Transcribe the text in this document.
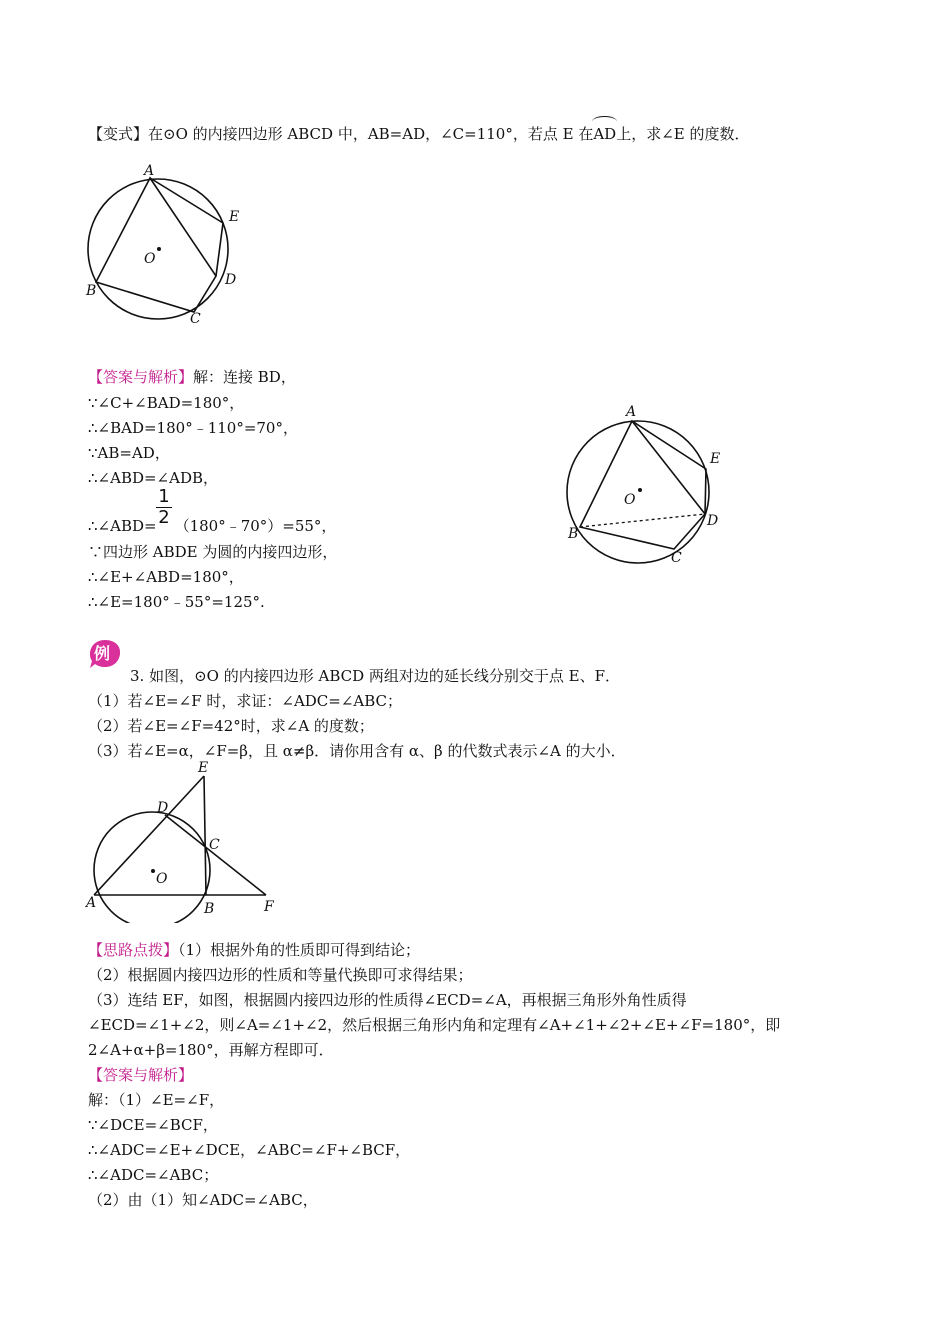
【变式】在⊙O 的内接四边形 ABCD 中，AB=AD，∠C=110°，若点 E 在AD上，求∠E 的度数．
A
E
D
C
B
O
【答案与解析】解：连接 BD，
∵∠C+∠BAD=180°，
∴∠BAD=180°﹣110°=70°，
∵AB=AD，
∴∠ABD=∠ADB，
$\frac{1}{2}$
∴∠ABD= （180°﹣70°）=55°，
∵四边形 ABDE 为圆的内接四边形，
∴∠E+∠ABD=180°，
∴∠E=180°﹣55°=125°.
A
E
D
C
B
O
例
3. 如图，⊙O 的内接四边形 ABCD 两组对边的延长线分别交于点 E、F．
（1）若∠E=∠F 时，求证：∠ADC=∠ABC；
（2）若∠E=∠F=42°时，求∠A 的度数；
（3）若∠E=α，∠F=β，且 α≠β．请你用含有 α、β 的代数式表示∠A 的大小．
E
D
C
O
A	B	F
【思路点拨】（1）根据外角的性质即可得到结论；
（2）根据圆内接四边形的性质和等量代换即可求得结果；
（3）连结 EF，如图，根据圆内接四边形的性质得∠ECD=∠A，再根据三角形外角性质得
∠ECD=∠1+∠2，则∠A=∠1+∠2，然后根据三角形内角和定理有∠A+∠1+∠2+∠E+∠F=180°，即
2∠A+α+β=180°，再解方程即可．
【答案与解析】
解：（1）∠E=∠F，
∵∠DCE=∠BCF，
∴∠ADC=∠E+∠DCE，∠ABC=∠F+∠BCF，
∴∠ADC=∠ABC；
（2）由（1）知∠ADC=∠ABC，
